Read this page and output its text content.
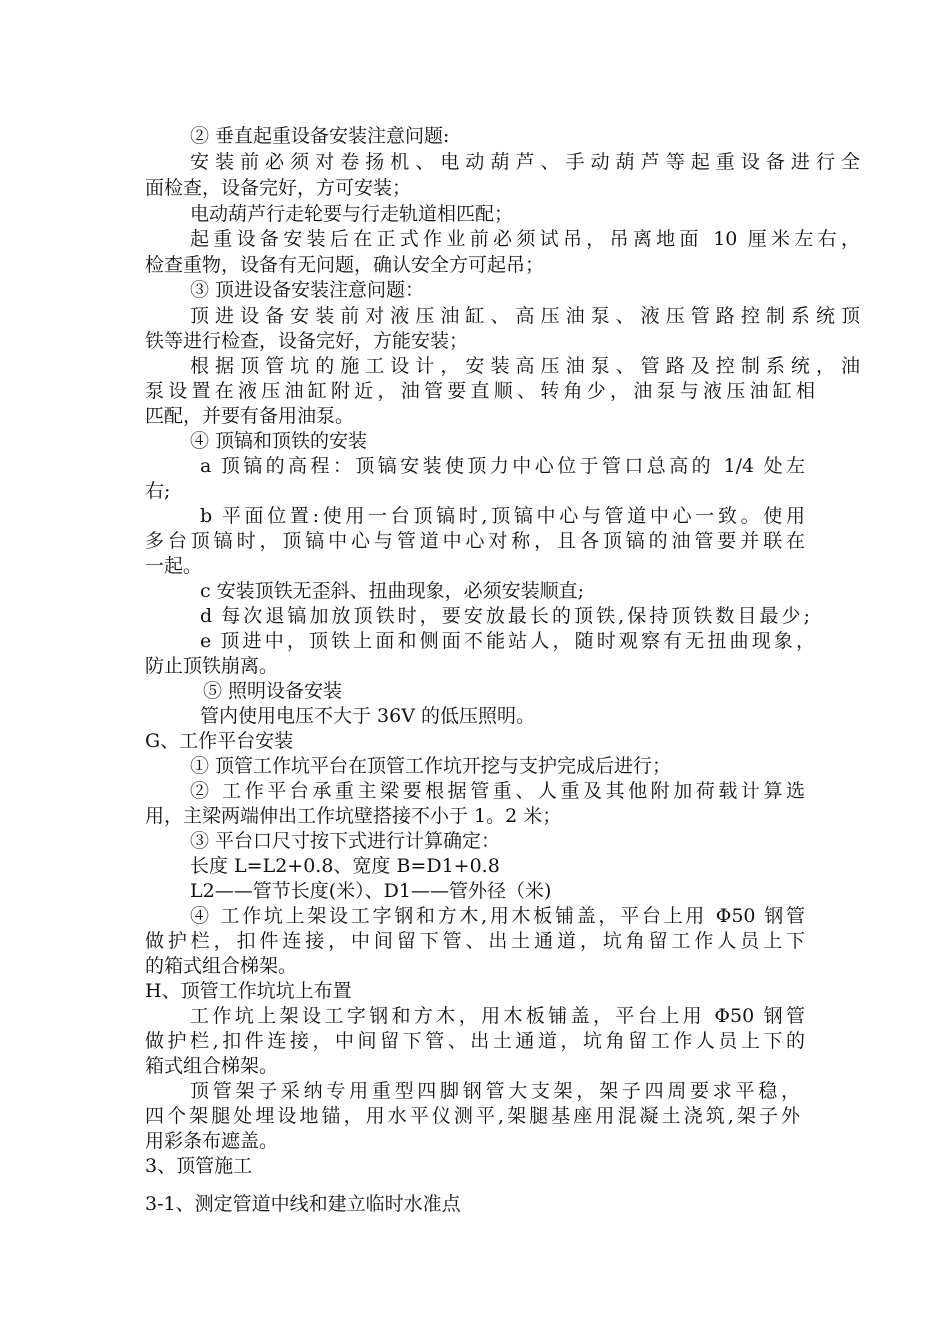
② 垂直起重设备安装注意问题:
安装前必须对卷扬机、电动葫芦、手动葫芦等起重设备进行全
面检查，设备完好，方可安装；
电动葫芦行走轮要与行走轨道相匹配；
起重设备安装后在正式作业前必须试吊，吊离地面 10 厘米左右，
检查重物，设备有无问题，确认安全方可起吊；
③ 顶进设备安装注意问题：
顶进设备安装前对液压油缸、高压油泵、液压管路控制系统顶
铁等进行检查，设备完好，方能安装；
根据顶管坑的施工设计，安装高压油泵、管路及控制系统，油
泵设置在液压油缸附近，油管要直顺、转角少，油泵与液压油缸相
匹配，并要有备用油泵。
④ 顶镐和顶铁的安装
a 顶镐的高程：顶镐安装使顶力中心位于管口总高的 1/4 处左
右;
b 平面位置:使用一台顶镐时,顶镐中心与管道中心一致。使用
多台顶镐时，顶镐中心与管道中心对称，且各顶镐的油管要并联在
一起。
c 安装顶铁无歪斜、扭曲现象，必须安装顺直;
d 每次退镐加放顶铁时，要安放最长的顶铁,保持顶铁数目最少;
e 顶进中，顶铁上面和侧面不能站人，随时观察有无扭曲现象，
防止顶铁崩离。
⑤ 照明设备安装
管内使用电压不大于 36V 的低压照明。
G、工作平台安装
① 顶管工作坑平台在顶管工作坑开挖与支护完成后进行；
② 工作平台承重主梁要根据管重、人重及其他附加荷载计算选
用，主梁两端伸出工作坑壁搭接不小于 1。2 米；
③ 平台口尺寸按下式进行计算确定：
长度 L=L2+0.8、宽度 B=D1+0.8
L2——管节长度(米）、D1——管外径（米)
④ 工作坑上架设工字钢和方木,用木板铺盖，平台上用 Φ50 钢管
做护栏，扣件连接，中间留下管、出土通道，坑角留工作人员上下
的箱式组合梯架。
H、顶管工作坑坑上布置
工作坑上架设工字钢和方木，用木板铺盖，平台上用 Φ50 钢管
做护栏,扣件连接，中间留下管、出土通道，坑角留工作人员上下的
箱式组合梯架。
顶管架子采纳专用重型四脚钢管大支架，架子四周要求平稳，
四个架腿处埋设地锚，用水平仪测平,架腿基座用混凝土浇筑,架子外
用彩条布遮盖。
3、顶管施工
3-1、测定管道中线和建立临时水准点
